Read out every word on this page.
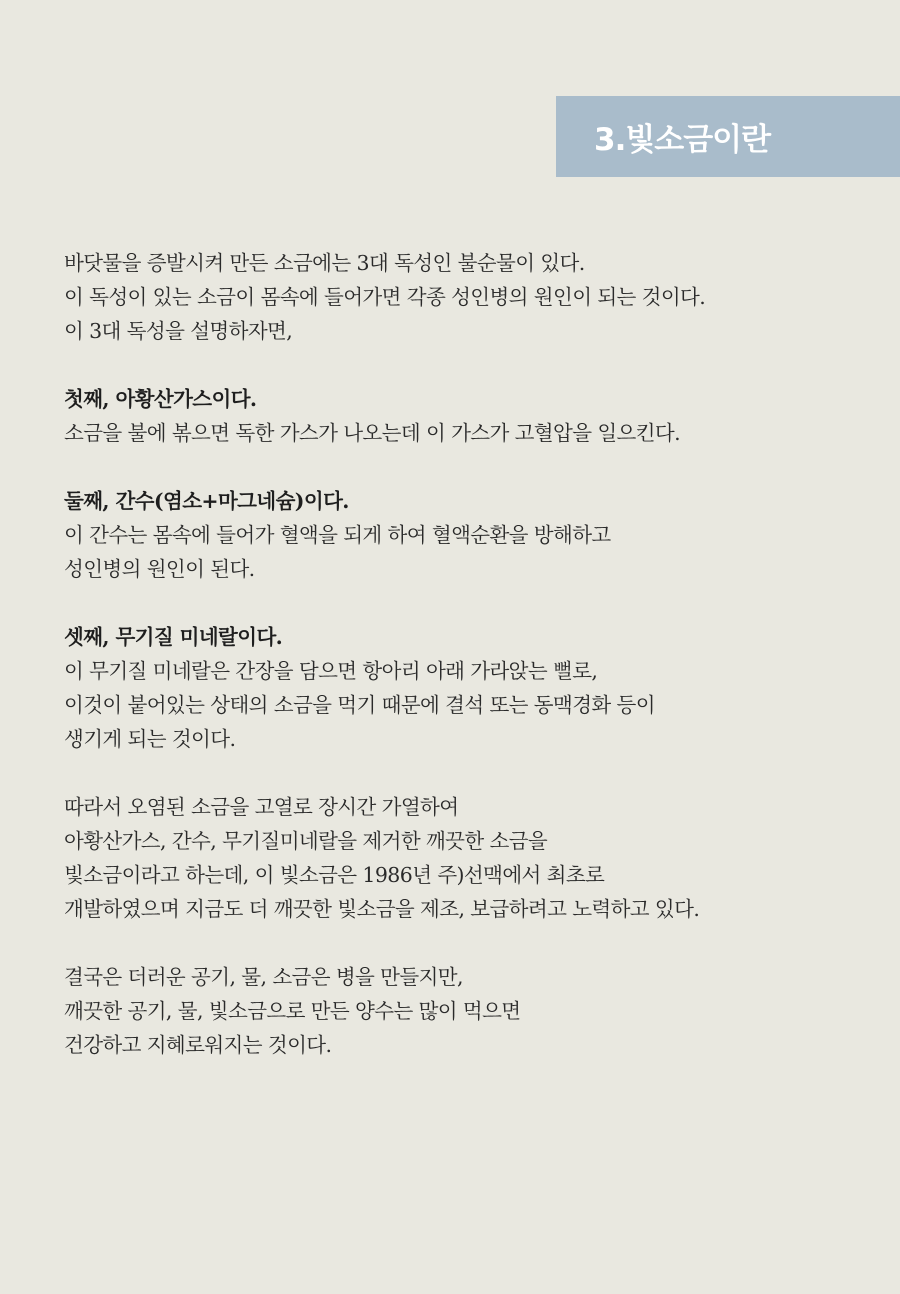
3.빛소금이란
바닷물을 증발시켜 만든 소금에는 3대 독성인 불순물이 있다.
이 독성이 있는 소금이 몸속에 들어가면 각종 성인병의 원인이 되는 것이다.
이 3대 독성을 설명하자면,
첫째, 아황산가스이다.
소금을 불에 볶으면 독한 가스가 나오는데 이 가스가 고혈압을 일으킨다.
둘째, 간수(염소+마그네슘)이다.
이 간수는 몸속에 들어가 혈액을 되게 하여 혈액순환을 방해하고
성인병의 원인이 된다.
셋째, 무기질 미네랄이다.
이 무기질 미네랄은 간장을 담으면 항아리 아래 가라앉는 뻘로,
이것이 붙어있는 상태의 소금을 먹기 때문에 결석 또는 동맥경화 등이
생기게 되는 것이다.
따라서 오염된 소금을 고열로 장시간 가열하여
아황산가스, 간수, 무기질미네랄을 제거한 깨끗한 소금을
빛소금이라고 하는데, 이 빛소금은 1986년 주)선맥에서 최초로
개발하였으며 지금도 더 깨끗한 빛소금을 제조, 보급하려고 노력하고 있다.
결국은 더러운 공기, 물, 소금은 병을 만들지만,
깨끗한 공기, 물, 빛소금으로 만든 양수는 많이 먹으면
건강하고 지혜로워지는 것이다.
